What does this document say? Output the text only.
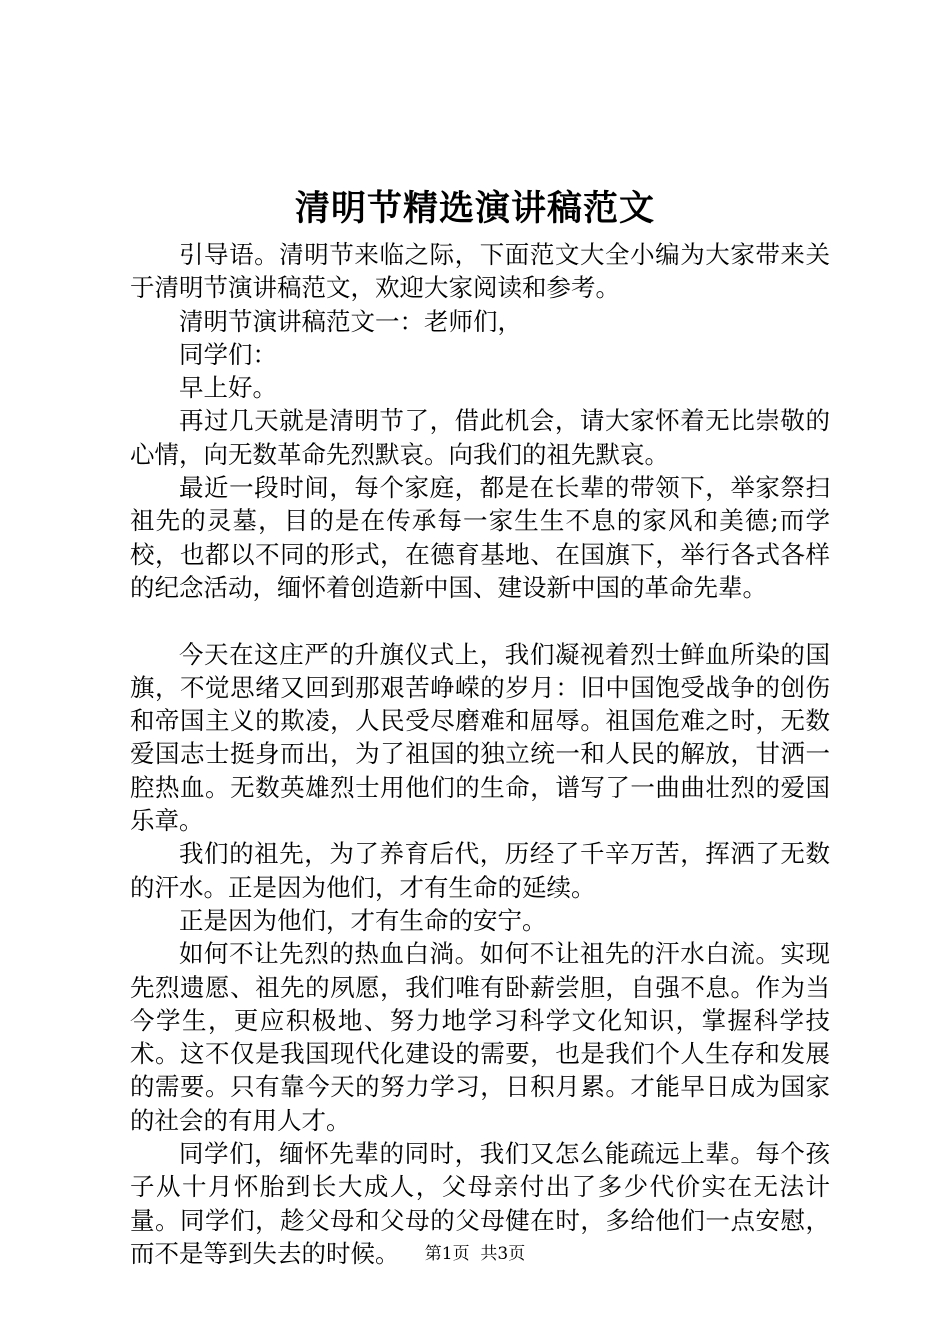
清明节精选演讲稿范文

引导语。清明节来临之际，下面范文大全小编为大家带来关于清明节演讲稿范文，欢迎大家阅读和参考。

清明节演讲稿范文一：老师们，

同学们：

早上好。

再过几天就是清明节了，借此机会，请大家怀着无比崇敬的心情，向无数革命先烈默哀。向我们的祖先默哀。

最近一段时间，每个家庭，都是在长辈的带领下，举家祭扫祖先的灵墓，目的是在传承每一家生生不息的家风和美德;而学校，也都以不同的形式，在德育基地、在国旗下，举行各式各样的纪念活动，缅怀着创造新中国、建设新中国的革命先辈。

今天在这庄严的升旗仪式上，我们凝视着烈士鲜血所染的国旗，不觉思绪又回到那艰苦峥嵘的岁月：旧中国饱受战争的创伤和帝国主义的欺凌，人民受尽磨难和屈辱。祖国危难之时，无数爱国志士挺身而出，为了祖国的独立统一和人民的解放，甘洒一腔热血。无数英雄烈士用他们的生命，谱写了一曲曲壮烈的爱国乐章。

我们的祖先，为了养育后代，历经了千辛万苦，挥洒了无数的汗水。正是因为他们，才有生命的延续。

正是因为他们，才有生命的安宁。

如何不让先烈的热血白淌。如何不让祖先的汗水白流。实现先烈遗愿、祖先的夙愿，我们唯有卧薪尝胆，自强不息。作为当今学生，更应积极地、努力地学习科学文化知识，掌握科学技术。这不仅是我国现代化建设的需要，也是我们个人生存和发展的需要。只有靠今天的努力学习，日积月累。才能早日成为国家的社会的有用人才。

同学们，缅怀先辈的同时，我们又怎么能疏远上辈。每个孩子从十月怀胎到长大成人，父母亲付出了多少代价实在无法计量。同学们，趁父母和父母的父母健在时，多给他们一点安慰，而不是等到失去的时候。	第1页  共3页
